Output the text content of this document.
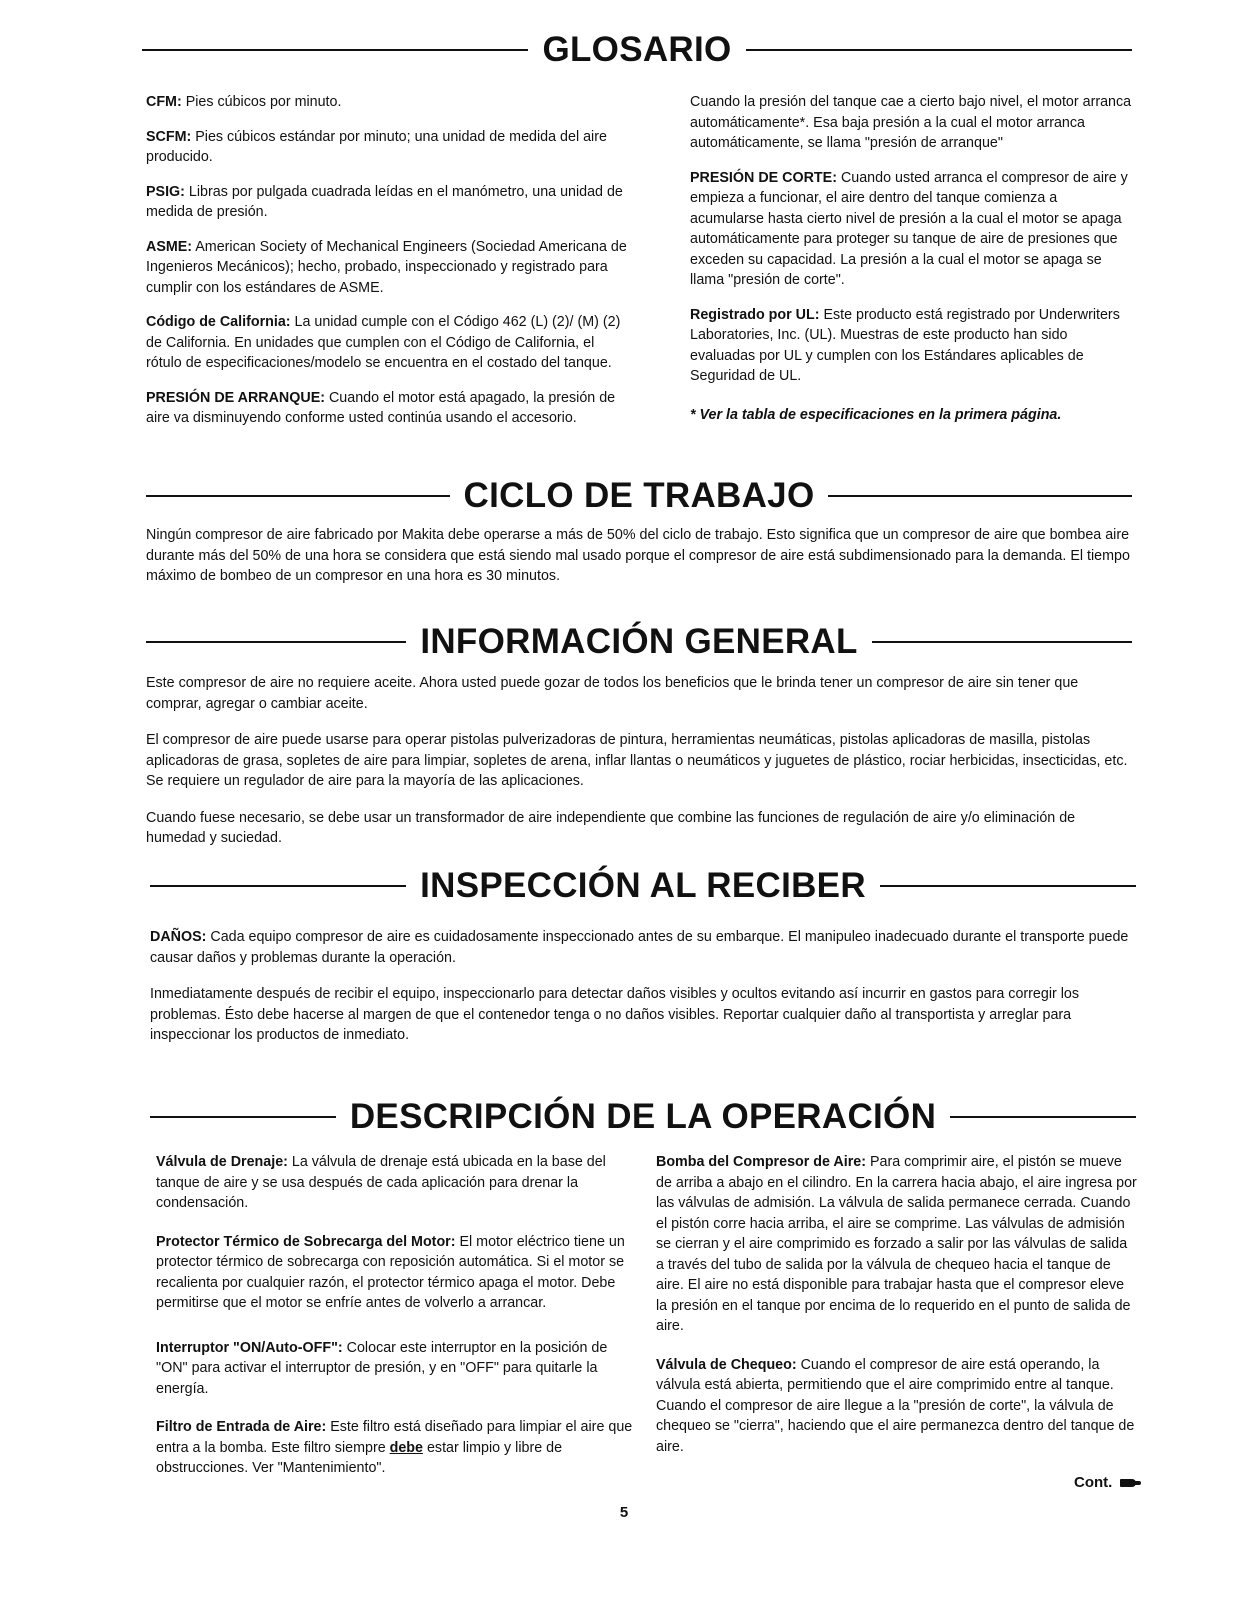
GLOSARIO

CFM: Pies cúbicos por minuto.

SCFM: Pies cúbicos estándar por minuto; una unidad de medida del aire producido.

PSIG: Libras por pulgada cuadrada leídas en el manómetro, una unidad de medida de presión.

ASME: American Society of Mechanical Engineers (Sociedad Americana de Ingenieros Mecánicos); hecho, probado, inspeccionado y registrado para cumplir con los estándares de ASME.

Código de California: La unidad cumple con el Código 462 (L) (2)/ (M) (2) de California. En unidades que cumplen con el Código de California, el rótulo de especificaciones/modelo se encuentra en el costado del tanque.

PRESIÓN DE ARRANQUE: Cuando el motor está apagado, la presión de aire va disminuyendo conforme usted continúa usando el accesorio.

Cuando la presión del tanque cae a cierto bajo nivel, el motor arranca automáticamente*. Esa baja presión a la cual el motor arranca automáticamente, se llama "presión de arranque"

PRESIÓN DE CORTE: Cuando usted arranca el compresor de aire y empieza a funcionar, el aire dentro del tanque comienza a acumularse hasta cierto nivel de presión a la cual el motor se apaga automáticamente para proteger su tanque de aire de presiones que exceden su capacidad. La presión a la cual el motor se apaga se llama "presión de corte".

Registrado por UL: Este producto está registrado por Underwriters Laboratories, Inc. (UL). Muestras de este producto han sido evaluadas por UL y cumplen con los Estándares aplicables de Seguridad de UL.

* Ver la tabla de especificaciones en la primera página.

CICLO DE TRABAJO

Ningún compresor de aire fabricado por Makita debe operarse a más de 50% del ciclo de trabajo. Esto significa que un compresor de aire que bombea aire durante más del 50% de una hora se considera que está siendo mal usado porque el compresor de aire está subdimensionado para la demanda. El tiempo máximo de bombeo de un compresor en una hora es 30 minutos.

INFORMACIÓN GENERAL

Este compresor de aire no requiere aceite. Ahora usted puede gozar de todos los beneficios que le brinda tener un compresor de aire sin tener que comprar, agregar o cambiar aceite.

El compresor de aire puede usarse para operar pistolas pulverizadoras de pintura, herramientas neumáticas, pistolas aplicadoras de masilla, pistolas aplicadoras de grasa, sopletes de aire para limpiar, sopletes de arena, inflar llantas o neumáticos y juguetes de plástico, rociar herbicidas, insecticidas, etc. Se requiere un regulador de aire para la mayoría de las aplicaciones.

Cuando fuese necesario, se debe usar un transformador de aire independiente que combine las funciones de regulación de aire y/o eliminación de humedad y suciedad.

INSPECCIÓN AL RECIBER

DAÑOS: Cada equipo compresor de aire es cuidadosamente inspeccionado antes de su embarque. El manipuleo inadecuado durante el transporte puede causar daños y problemas durante la operación.

Inmediatamente después de recibir el equipo, inspeccionarlo para detectar daños visibles y ocultos evitando así incurrir en gastos para corregir los problemas. Ésto debe hacerse al margen de que el contenedor tenga o no daños visibles. Reportar cualquier daño al transportista y arreglar para inspeccionar los productos de inmediato.

DESCRIPCIÓN DE LA OPERACIÓN

Válvula de Drenaje: La válvula de drenaje está ubicada en la base del tanque de aire y se usa después de cada aplicación para drenar la condensación.

Protector Térmico de Sobrecarga del Motor: El motor eléctrico tiene un protector térmico de sobrecarga con reposición automática. Si el motor se recalienta por cualquier razón, el protector térmico apaga el motor. Debe permitirse que el motor se enfríe antes de volverlo a arrancar.

Interruptor "ON/Auto-OFF": Colocar este interruptor en la posición de "ON" para activar el interruptor de presión, y en "OFF" para quitarle la energía.

Filtro de Entrada de Aire: Este filtro está diseñado para limpiar el aire que entra a la bomba. Este filtro siempre debe estar limpio y libre de obstrucciones. Ver "Mantenimiento".

Bomba del Compresor de Aire: Para comprimir aire, el pistón se mueve de arriba a abajo en el cilindro. En la carrera hacia abajo, el aire ingresa por las válvulas de admisión. La válvula de salida permanece cerrada. Cuando el pistón corre hacia arriba, el aire se comprime. Las válvulas de admisión se cierran y el aire comprimido es forzado a salir por las válvulas de salida a través del tubo de salida por la válvula de chequeo hacia el tanque de aire. El aire no está disponible para trabajar hasta que el compresor eleve la presión en el tanque por encima de lo requerido en el punto de salida de aire.

Válvula de Chequeo: Cuando el compresor de aire está operando, la válvula está abierta, permitiendo que el aire comprimido entre al tanque. Cuando el compresor de aire llegue a la "presión de corte", la válvula de chequeo se "cierra", haciendo que el aire permanezca dentro del tanque de aire.

Cont.
5
